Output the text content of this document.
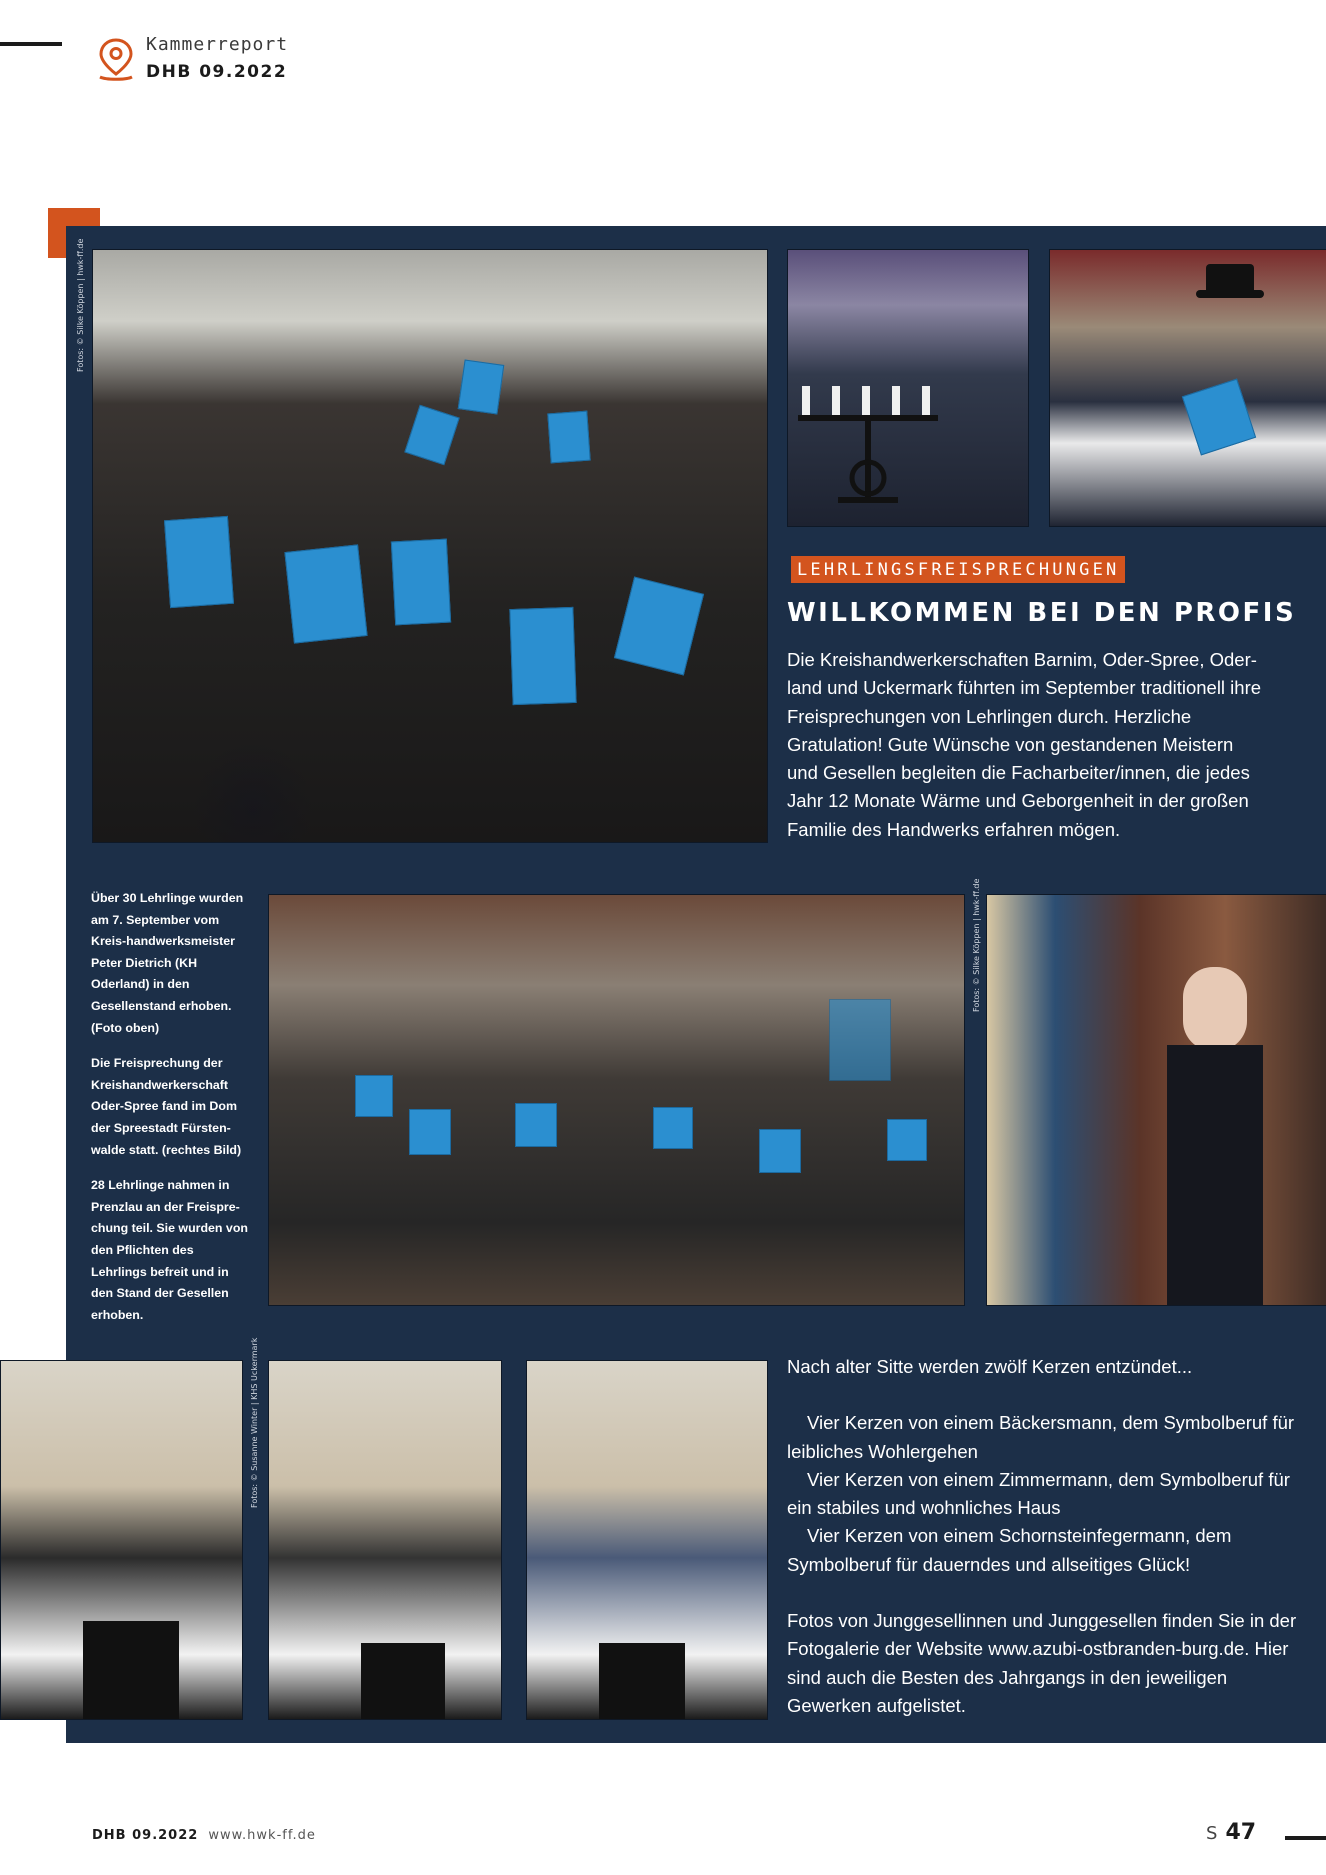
Kammerreport
DHB 09.2022
Fotos: © Silke Köppen | hwk-ff.de
Fotos: © Silke Köppen | hwk-ff.de
Fotos: © Susanne Winter | KHS Uckermark
LEHRLINGSFREISPRECHUNGEN
WILLKOMMEN BEI DEN PROFIS
Die Kreishandwerkerschaften Barnim, Oder-Spree, Oder-land und Uckermark führten im September traditionell ihre Freisprechungen von Lehrlingen durch. Herzliche Gratulation! Gute Wünsche von gestandenen Meistern und Gesellen begleiten die Facharbeiter/innen, die jedes Jahr 12 Monate Wärme und Geborgenheit in der großen Familie des Handwerks erfahren mögen.

Über 30 Lehrlinge wurden am 7. September vom Kreis-handwerksmeister Peter Dietrich (KH Oderland) in den Gesellenstand erhoben. (Foto oben)

Die Freisprechung der Kreishandwerkerschaft Oder-Spree fand im Dom der Spreestadt Fürsten-walde statt. (rechtes Bild)

28 Lehrlinge nahmen in Prenzlau an der Freispre-chung teil. Sie wurden von den Pflichten des Lehrlings befreit und in den Stand der Gesellen erhoben.

Nach alter Sitte werden zwölf Kerzen entzündet...

Vier Kerzen von einem Bäckersmann, dem Symbolberuf für leibliches Wohlergehen
Vier Kerzen von einem Zimmermann, dem Symbolberuf für ein stabiles und wohnliches Haus
Vier Kerzen von einem Schornsteinfegermann, dem Symbolberuf für dauerndes und allseitiges Glück!

Fotos von Junggesellinnen und Junggesellen finden Sie in der Fotogalerie der Website www.azubi-ostbranden-burg.de. Hier sind auch die Besten des Jahrgangs in den jeweiligen Gewerken aufgelistet.

DHB 09.2022 www.hwk-ff.de	S 47
